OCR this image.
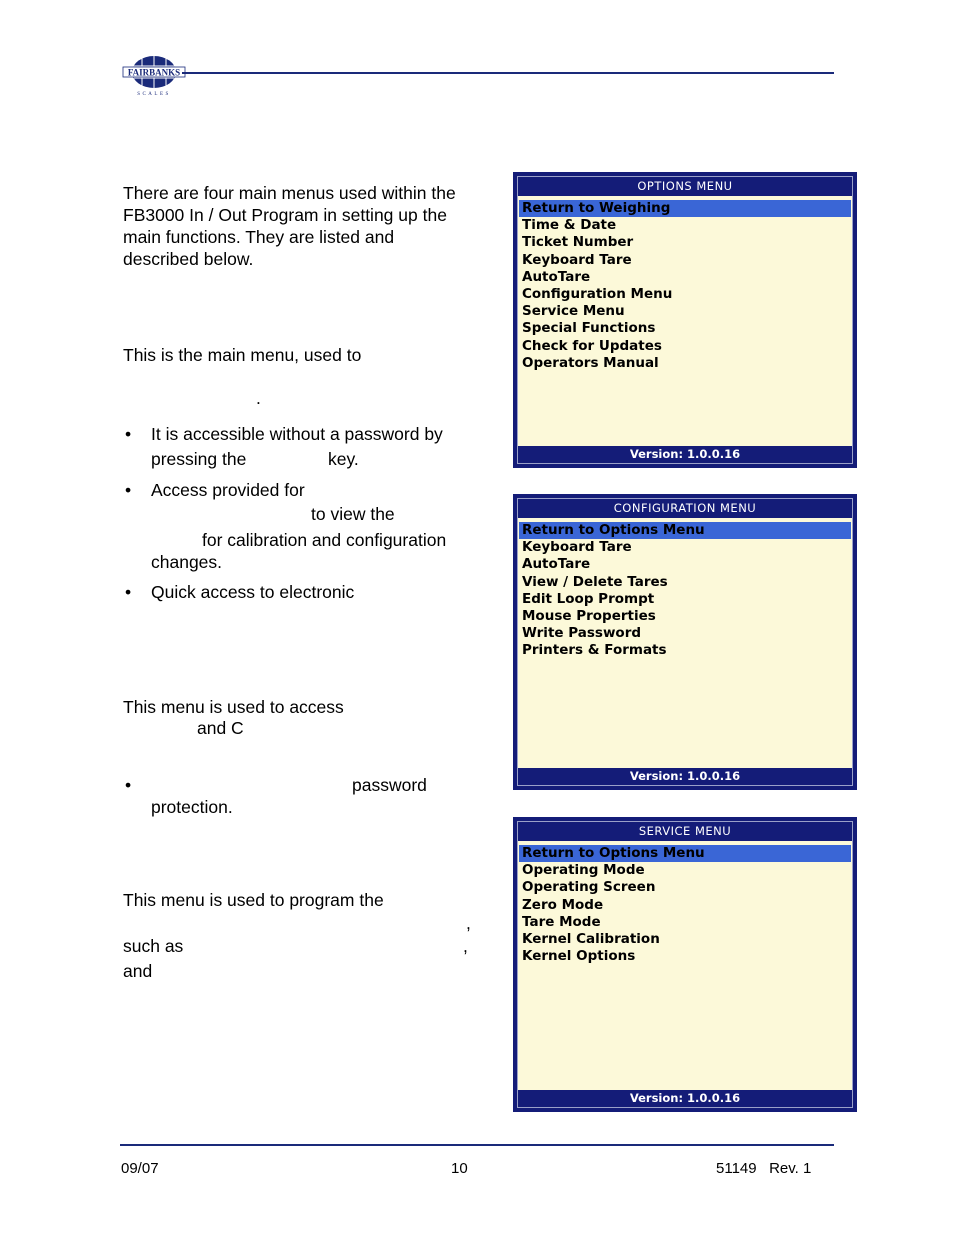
FAIRBANKS
SCALES
There are four main menus used within the
FB3000 In / Out Program in setting up the
main functions. They are listed and
described below.
This is the main menu, used to
.
• It is accessible without a password by
pressing the	key.
• Access provided for
to view the
for calibration and configuration
changes.
• Quick access to electronic
This menu is used to access
and C
password
•
protection.
This menu is used to program the
,
such as	,
and
OPTIONS MENU
Return to Weighing
Time & Date
Ticket Number
Keyboard Tare
AutoTare
Configuration Menu
Service Menu
Special Functions
Check for Updates
Operators Manual
Version: 1.0.0.16
CONFIGURATION MENU
Return to Options Menu
Keyboard Tare
AutoTare
View / Delete Tares
Edit Loop Prompt
Mouse Properties
Write Password
Printers & Formats
Version: 1.0.0.16
SERVICE MENU
Return to Options Menu
Operating Mode
Operating Screen
Zero Mode
Tare Mode
Kernel Calibration
Kernel Options
Version: 1.0.0.16
09/07	10	51149   Rev. 1
